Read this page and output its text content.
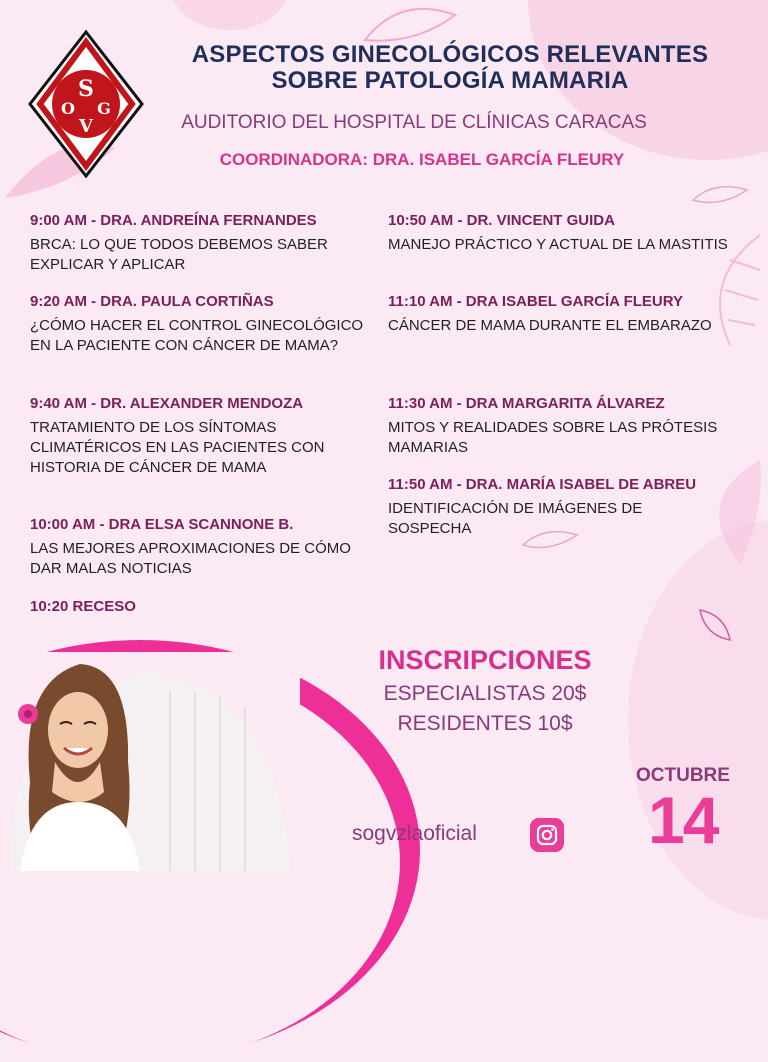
S
O G
V

ASPECTOS GINECOLÓGICOS RELEVANTES

SOBRE PATOLOGÍA MAMARIA

AUDITORIO DEL HOSPITAL DE CLÍNICAS CARACAS
COORDINADORA: DRA. ISABEL GARCÍA FLEURY

9:00 AM - DRA. ANDREÍNA FERNANDES

BRCA: LO QUE TODOS DEBEMOS SABER EXPLICAR Y APLICAR

9:20 AM - DRA. PAULA CORTIÑAS

¿CÓMO HACER EL CONTROL GINECOLÓGICO EN LA PACIENTE CON CÁNCER DE MAMA?

9:40 AM - DR. ALEXANDER MENDOZA

TRATAMIENTO DE LOS SÍNTOMAS CLIMATÉRICOS EN LAS PACIENTES CON HISTORIA DE CÁNCER DE MAMA

10:00 AM - DRA ELSA SCANNONE B.

LAS MEJORES APROXIMACIONES DE CÓMO DAR MALAS NOTICIAS

10:20 RECESO

10:50 AM - DR. VINCENT GUIDA

MANEJO PRÁCTICO Y ACTUAL DE LA MASTITIS

11:10 AM - DRA ISABEL GARCÍA FLEURY

CÁNCER DE MAMA DURANTE EL EMBARAZO

11:30 AM - DRA MARGARITA ÁLVAREZ

MITOS Y REALIDADES SOBRE LAS PRÓTESIS MAMARIAS

11:50 AM - DRA. MARÍA ISABEL DE ABREU

IDENTIFICACIÓN DE IMÁGENES DE SOSPECHA

INSCRIPCIONES

ESPECIALISTAS 20$

RESIDENTES 10$

OCTUBRE
14
sogvzlaoficial
